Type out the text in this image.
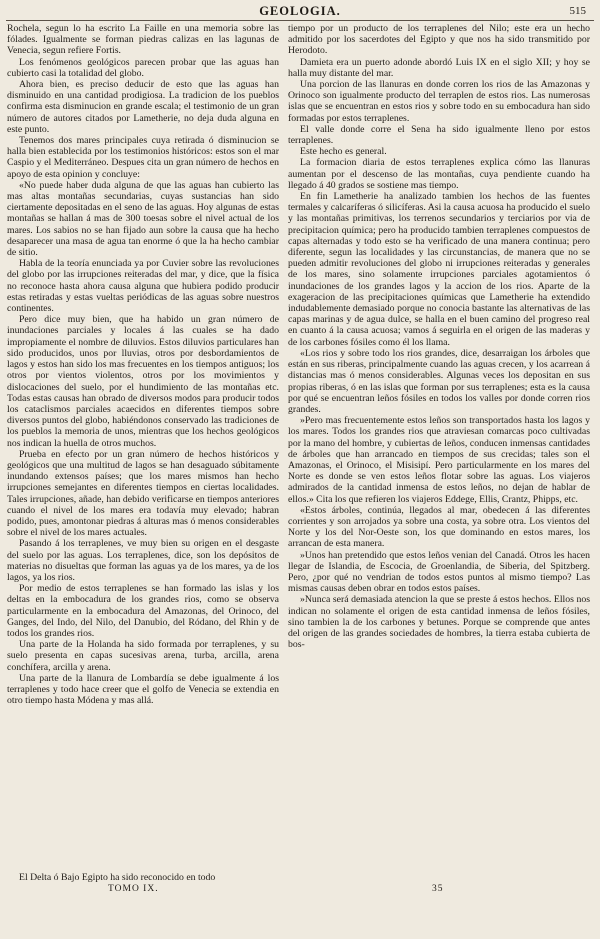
GEOLOGIA.	515

Rochela, segun lo ha escrito La Faille en una memoria sobre las fólades. Igualmente se forman piedras calizas en las lagunas de Venecia, segun refiere Fortis.

Los fenómenos geológicos parecen probar que las aguas han cubierto casi la totalidad del globo.

Ahora bien, es preciso deducir de esto que las aguas han disminuido en una cantidad prodigiosa. La tradicion de los pueblos confirma esta disminucion en grande escala; el testimonio de un gran número de autores citados por Lametherie, no deja duda alguna en este punto.

Tenemos dos mares principales cuya retirada ó disminucion se halla bien establecida por los testimonios históricos: estos son el mar Caspio y el Mediterráneo. Despues cita un gran número de hechos en apoyo de esta opinion y concluye:

«No puede haber duda alguna de que las aguas han cubierto las mas altas montañas secundarias, cuyas sustancias han sido ciertamente depositadas en el seno de las aguas. Hoy algunas de estas montañas se hallan á mas de 300 toesas sobre el nivel actual de los mares. Los sabios no se han fijado aun sobre la causa que ha hecho desaparecer una masa de agua tan enorme ó que la ha hecho cambiar de sitio.

Habla de la teoría enunciada ya por Cuvier sobre las revoluciones del globo por las irrupciones reiteradas del mar, y dice, que la física no reconoce hasta ahora causa alguna que hubiera podido producir estas retiradas y estas vueltas periódicas de las aguas sobre nuestros continentes.

Pero dice muy bien, que ha habido un gran número de inundaciones parciales y locales á las cuales se ha dado impropiamente el nombre de diluvios. Estos diluvios particulares han sido producidos, unos por lluvias, otros por desbordamientos de lagos y estos han sido los mas frecuentes en los tiempos antiguos; los otros por vientos violentos, otros por los movimientos y dislocaciones del suelo, por el hundimiento de las montañas etc. Todas estas causas han obrado de diversos modos para producir todos los cataclismos parciales acaecidos en diferentes tiempos sobre diversos puntos del globo, habiéndonos conservado las tradiciones de los pueblos la memoria de unos, mientras que los hechos geológicos nos indican la huella de otros muchos.

Prueba en efecto por un gran número de hechos históricos y geológicos que una multitud de lagos se han desaguado súbitamente inundando extensos países; que los mares mismos han hecho irrupciones semejantes en diferentes tiempos en ciertas localidades. Tales irrupciones, añade, han debido verificarse en tiempos anteriores cuando el nivel de los mares era todavía muy elevado; habran podido, pues, amontonar piedras á alturas mas ó menos considerables sobre el nivel de los mares actuales.

Pasando á los terraplenes, ve muy bien su origen en el desgaste del suelo por las aguas. Los terraplenes, dice, son los depósitos de materias no disueltas que forman las aguas ya de los mares, ya de los lagos, ya los rios.

Por medio de estos terraplenes se han formado las islas y los deltas en la embocadura de los grandes rios, como se observa particularmente en la embocadura del Amazonas, del Orinoco, del Ganges, del Indo, del Nilo, del Danubio, del Ródano, del Rhin y de todos los grandes rios.

Una parte de la Holanda ha sido formada por terraplenes, y su suelo presenta en capas sucesivas arena, turba, arcilla, arena conchífera, arcilla y arena.

Una parte de la llanura de Lombardía se debe igualmente á los terraplenes y todo hace creer que el golfo de Venecia se extendia en otro tiempo hasta Módena y mas allá.

tiempo por un producto de los terraplenes del Nilo; este era un hecho admitido por los sacerdotes del Egipto y que nos ha sido transmitido por Herodoto.

Damieta era un puerto adonde abordó Luis IX en el siglo XII; y hoy se halla muy distante del mar.

Una porcion de las llanuras en donde corren los rios de las Amazonas y Orinoco son igualmente producto del terraplen de estos rios. Las numerosas islas que se encuentran en estos rios y sobre todo en su embocadura han sido formadas por estos terraplenes.

El valle donde corre el Sena ha sido igualmente lleno por estos terraplenes.

Este hecho es general.

La formacion diaria de estos terraplenes explica cómo las llanuras aumentan por el descenso de las montañas, cuya pendiente cuando ha llegado á 40 grados se sostiene mas tiempo.

En fin Lametherie ha analizado tambien los hechos de las fuentes termales y calcaríferas ó silicíferas. Asi la causa acuosa ha producido el suelo y las montañas primitivas, los terrenos secundarios y terciarios por via de precipitacion química; pero ha producido tambien terraplenes compuestos de capas alternadas y todo esto se ha verificado de una manera continua; pero diferente, segun las localidades y las circunstancias, de manera que no se pueden admitir revoluciones del globo ni irrupciones reiteradas y generales de los mares, sino solamente irrupciones parciales agotamientos ó inundaciones de los grandes lagos y la accion de los rios. Aparte de la exageracion de las precipitaciones químicas que Lametherie ha extendido indudablemente demasiado porque no conocia bastante las alternativas de las capas marinas y de agua dulce, se halla en el buen camino del progreso real en cuanto á la causa acuosa; vamos á seguirla en el origen de las maderas y de los carbones fósiles como él los llama.

«Los rios y sobre todo los rios grandes, dice, desarraigan los árboles que están en sus riberas, principalmente cuando las aguas crecen, y los acarrean á distancias mas ó menos considerables. Algunas veces los depositan en sus propias riberas, ó en las islas que forman por sus terraplenes; esta es la causa por qué se encuentran leños fósiles en todos los valles por donde corren rios grandes.

»Pero mas frecuentemente estos leños son transportados hasta los lagos y los mares. Todos los grandes rios que atraviesan comarcas poco cultivadas por la mano del hombre, y cubiertas de leños, conducen inmensas cantidades de árboles que han arrancado en tiempos de sus crecidas; tales son el Amazonas, el Orinoco, el Misisipí. Pero particularmente en los mares del Norte es donde se ven estos leños flotar sobre las aguas. Los viajeros admirados de la cantidad inmensa de estos leños, no dejan de hablar de ellos.» Cita los que refieren los viajeros Eddege, Ellis, Crantz, Phipps, etc.

«Estos árboles, continúa, llegados al mar, obedecen á las diferentes corrientes y son arrojados ya sobre una costa, ya sobre otra. Los vientos del Norte y los del Nor-Oeste son, los que dominando en estos mares, los arrancan de esta manera.

»Unos han pretendido que estos leños venian del Canadá. Otros les hacen llegar de Islandia, de Escocia, de Groenlandia, de Siberia, del Spitzberg. Pero, ¿por qué no vendrian de todos estos puntos al mismo tiempo? Las mismas causas deben obrar en todos estos países.

»Nunca será demasiada atencion la que se preste á estos hechos. Ellos nos indican no solamente el origen de esta cantidad inmensa de leños fósiles, sino tambien la de los carbones y betunes. Porque se comprende que antes del origen de las grandes sociedades de hombres, la tierra estaba cubierta de bos-

El Delta ó Bajo Egipto ha sido reconocido en todo
TOMO IX.	35
